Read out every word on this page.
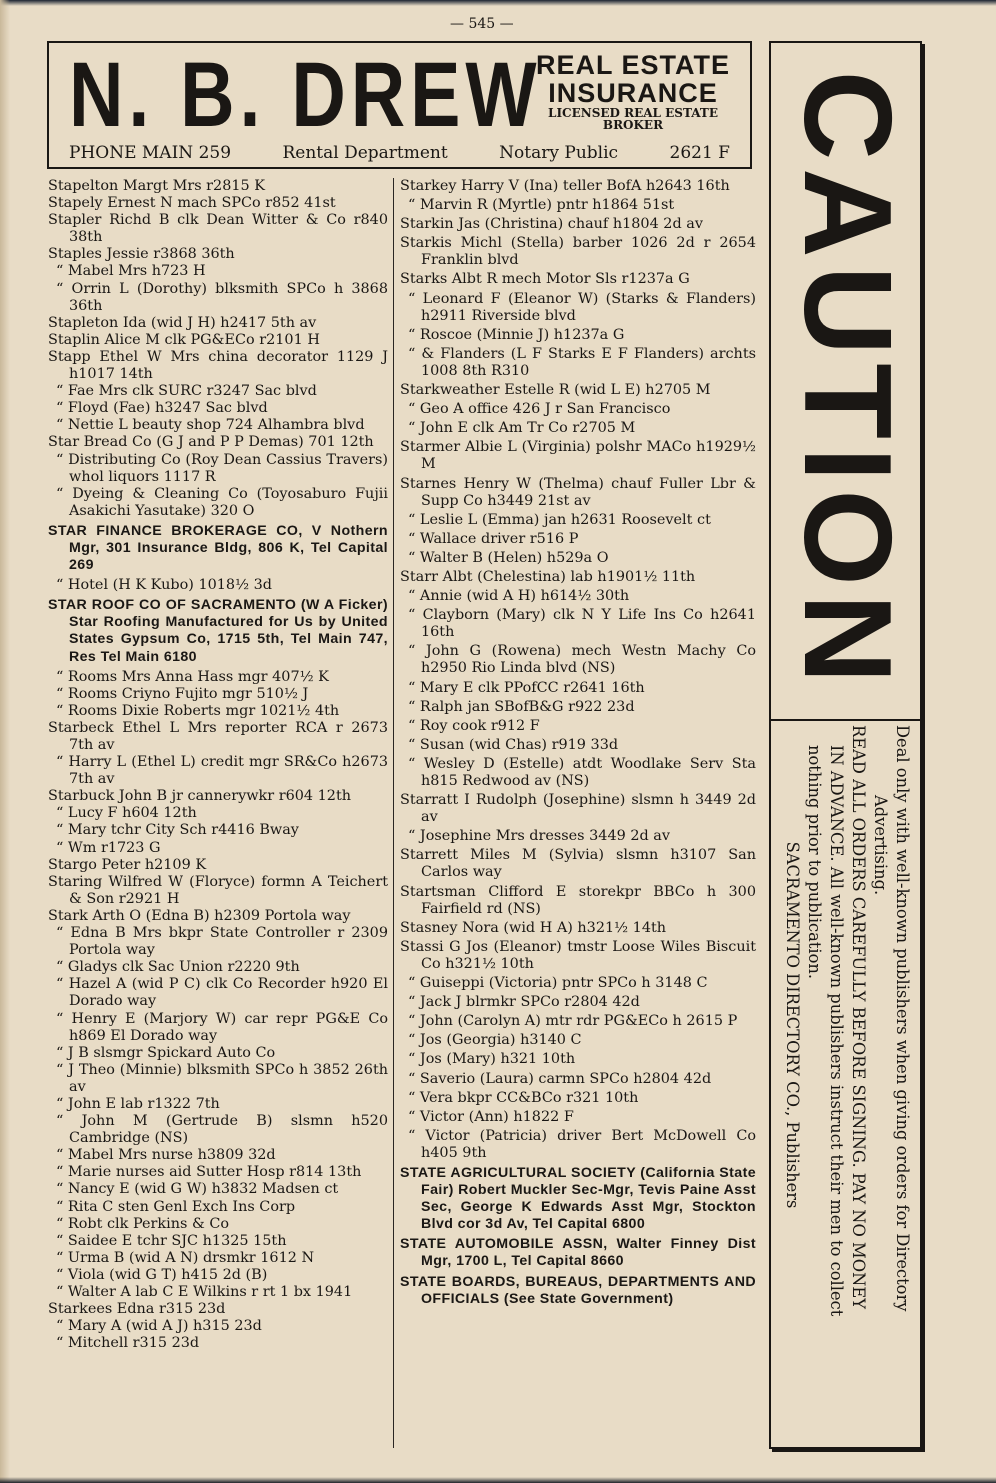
— 545 —
N. B. DREW
REAL ESTATE
INSURANCE
LICENSED REAL ESTATE
BROKER
PHONE MAIN 259	Rental Department	Notary Public	2621 F
Stapelton Margt Mrs r2815 K
Stapely Ernest N mach SPCo r852 41st
Stapler Richd B clk Dean Witter & Co r840 38th
Staples Jessie r3868 36th
“ Mabel Mrs h723 H
“ Orrin L (Dorothy) blksmith SPCo h 3868 36th
Stapleton Ida (wid J H) h2417 5th av
Staplin Alice M clk PG&ECo r2101 H
Stapp Ethel W Mrs china decorator 1129 J h1017 14th
“ Fae Mrs clk SURC r3247 Sac blvd
“ Floyd (Fae) h3247 Sac blvd
“ Nettie L beauty shop 724 Alhambra blvd
Star Bread Co (G J and P P Demas) 701 12th
“ Distributing Co (Roy Dean Cassius Travers) whol liquors 1117 R
“ Dyeing & Cleaning Co (Toyosaburo Fujii Asakichi Yasutake) 320 O
STAR FINANCE BROKERAGE CO, V Nothern Mgr, 301 Insurance Bldg, 806 K, Tel Capital 269
“ Hotel (H K Kubo) 1018½ 3d
STAR ROOF CO OF SACRAMENTO (W A Ficker) Star Roofing Manufactured for Us by United States Gypsum Co, 1715 5th, Tel Main 747, Res Tel Main 6180
“ Rooms Mrs Anna Hass mgr 407½ K
“ Rooms Criyno Fujito mgr 510½ J
“ Rooms Dixie Roberts mgr 1021½ 4th
Starbeck Ethel L Mrs reporter RCA r 2673 7th av
“ Harry L (Ethel L) credit mgr SR&Co h2673 7th av
Starbuck John B jr cannerywkr r604 12th
“ Lucy F h604 12th
“ Mary tchr City Sch r4416 Bway
“ Wm r1723 G
Stargo Peter h2109 K
Staring Wilfred W (Floryce) formn A Teichert & Son r2921 H
Stark Arth O (Edna B) h2309 Portola way
“ Edna B Mrs bkpr State Controller r 2309 Portola way
“ Gladys clk Sac Union r2220 9th
“ Hazel A (wid P C) clk Co Recorder h920 El Dorado way
“ Henry E (Marjory W) car repr PG&E Co h869 El Dorado way
“ J B slsmgr Spickard Auto Co
“ J Theo (Minnie) blksmith SPCo h 3852 26th av
“ John E lab r1322 7th
“ John M (Gertrude B) slsmn h520 Cambridge (NS)
“ Mabel Mrs nurse h3809 32d
“ Marie nurses aid Sutter Hosp r814 13th
“ Nancy E (wid G W) h3832 Madsen ct
“ Rita C sten Genl Exch Ins Corp
“ Robt clk Perkins & Co
“ Saidee E tchr SJC h1325 15th
“ Urma B (wid A N) drsmkr 1612 N
“ Viola (wid G T) h415 2d (B)
“ Walter A lab C E Wilkins r rt 1 bx 1941
Starkees Edna r315 23d
“ Mary A (wid A J) h315 23d
“ Mitchell r315 23d
Starkey Harry V (Ina) teller BofA h2643 16th
“ Marvin R (Myrtle) pntr h1864 51st
Starkin Jas (Christina) chauf h1804 2d av
Starkis Michl (Stella) barber 1026 2d r 2654 Franklin blvd
Starks Albt R mech Motor Sls r1237a G
“ Leonard F (Eleanor W) (Starks & Flanders) h2911 Riverside blvd
“ Roscoe (Minnie J) h1237a G
“ & Flanders (L F Starks E F Flanders) archts 1008 8th R310
Starkweather Estelle R (wid L E) h2705 M
“ Geo A office 426 J r San Francisco
“ John E clk Am Tr Co r2705 M
Starmer Albie L (Virginia) polshr MACo h1929½ M
Starnes Henry W (Thelma) chauf Fuller Lbr & Supp Co h3449 21st av
“ Leslie L (Emma) jan h2631 Roosevelt ct
“ Wallace driver r516 P
“ Walter B (Helen) h529a O
Starr Albt (Chelestina) lab h1901½ 11th
“ Annie (wid A H) h614½ 30th
“ Clayborn (Mary) clk N Y Life Ins Co h2641 16th
“ John G (Rowena) mech Westn Machy Co h2950 Rio Linda blvd (NS)
“ Mary E clk PPofCC r2641 16th
“ Ralph jan SBofB&G r922 23d
“ Roy cook r912 F
“ Susan (wid Chas) r919 33d
“ Wesley D (Estelle) atdt Woodlake Serv Sta h815 Redwood av (NS)
Starratt I Rudolph (Josephine) slsmn h 3449 2d av
“ Josephine Mrs dresses 3449 2d av
Starrett Miles M (Sylvia) slsmn h3107 San Carlos way
Startsman Clifford E storekpr BBCo h 300 Fairfield rd (NS)
Stasney Nora (wid H A) h321½ 14th
Stassi G Jos (Eleanor) tmstr Loose Wiles Biscuit Co h321½ 10th
“ Guiseppi (Victoria) pntr SPCo h 3148 C
“ Jack J blrmkr SPCo r2804 42d
“ John (Carolyn A) mtr rdr PG&ECo h 2615 P
“ Jos (Georgia) h3140 C
“ Jos (Mary) h321 10th
“ Saverio (Laura) carmn SPCo h2804 42d
“ Vera bkpr CC&BCo r321 10th
“ Victor (Ann) h1822 F
“ Victor (Patricia) driver Bert McDowell Co h405 9th
STATE AGRICULTURAL SOCIETY (California State Fair) Robert Muckler Sec-Mgr, Tevis Paine Asst Sec, George K Edwards Asst Mgr, Stockton Blvd cor 3d Av, Tel Capital 6800
STATE AUTOMOBILE ASSN, Walter Finney Dist Mgr, 1700 L, Tel Capital 8660
STATE BOARDS, BUREAUS, DEPARTMENTS AND OFFICIALS (See State Government)
CAUTION
Deal only with well-known publishers when giving orders for Directory
Advertising.
READ ALL ORDERS CAREFULLY BEFORE SIGNING. PAY NO MONEY
IN ADVANCE. All well-known publishers instruct their men to collect
nothing prior to publication.
SACRAMENTO DIRECTORY CO., Publishers
